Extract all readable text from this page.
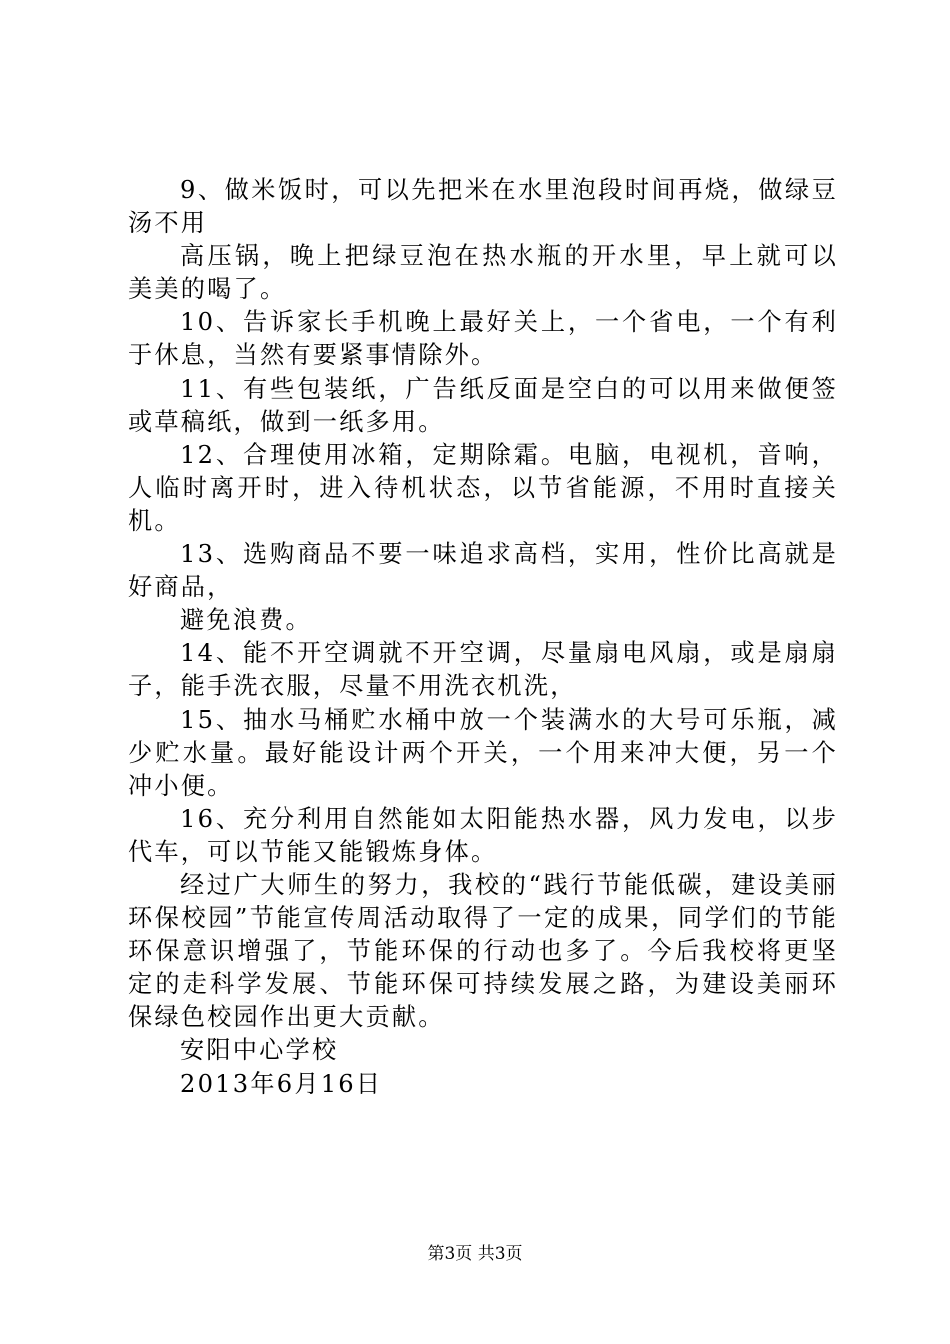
9、做米饭时，可以先把米在水里泡段时间再烧，做绿豆汤不用

高压锅，晚上把绿豆泡在热水瓶的开水里，早上就可以美美的喝了。

10、告诉家长手机晚上最好关上，一个省电，一个有利于休息，当然有要紧事情除外。

11、有些包装纸，广告纸反面是空白的可以用来做便签或草稿纸，做到一纸多用。

12、合理使用冰箱，定期除霜。电脑，电视机，音响，人临时离开时，进入待机状态，以节省能源，不用时直接关机。

13、选购商品不要一味追求高档，实用，性价比高就是好商品，

避免浪费。

14、能不开空调就不开空调，尽量扇电风扇，或是扇扇子，能手洗衣服，尽量不用洗衣机洗，

15、抽水马桶贮水桶中放一个装满水的大号可乐瓶，减少贮水量。最好能设计两个开关，一个用来冲大便，另一个冲小便。

16、充分利用自然能如太阳能热水器，风力发电，以步代车，可以节能又能锻炼身体。

经过广大师生的努力，我校的“践行节能低碳，建设美丽环保校园”节能宣传周活动取得了一定的成果，同学们的节能环保意识增强了，节能环保的行动也多了。今后我校将更坚定的走科学发展、节能环保可持续发展之路，为建设美丽环保绿色校园作出更大贡献。

安阳中心学校

2013年6月16日

第3页 共3页
